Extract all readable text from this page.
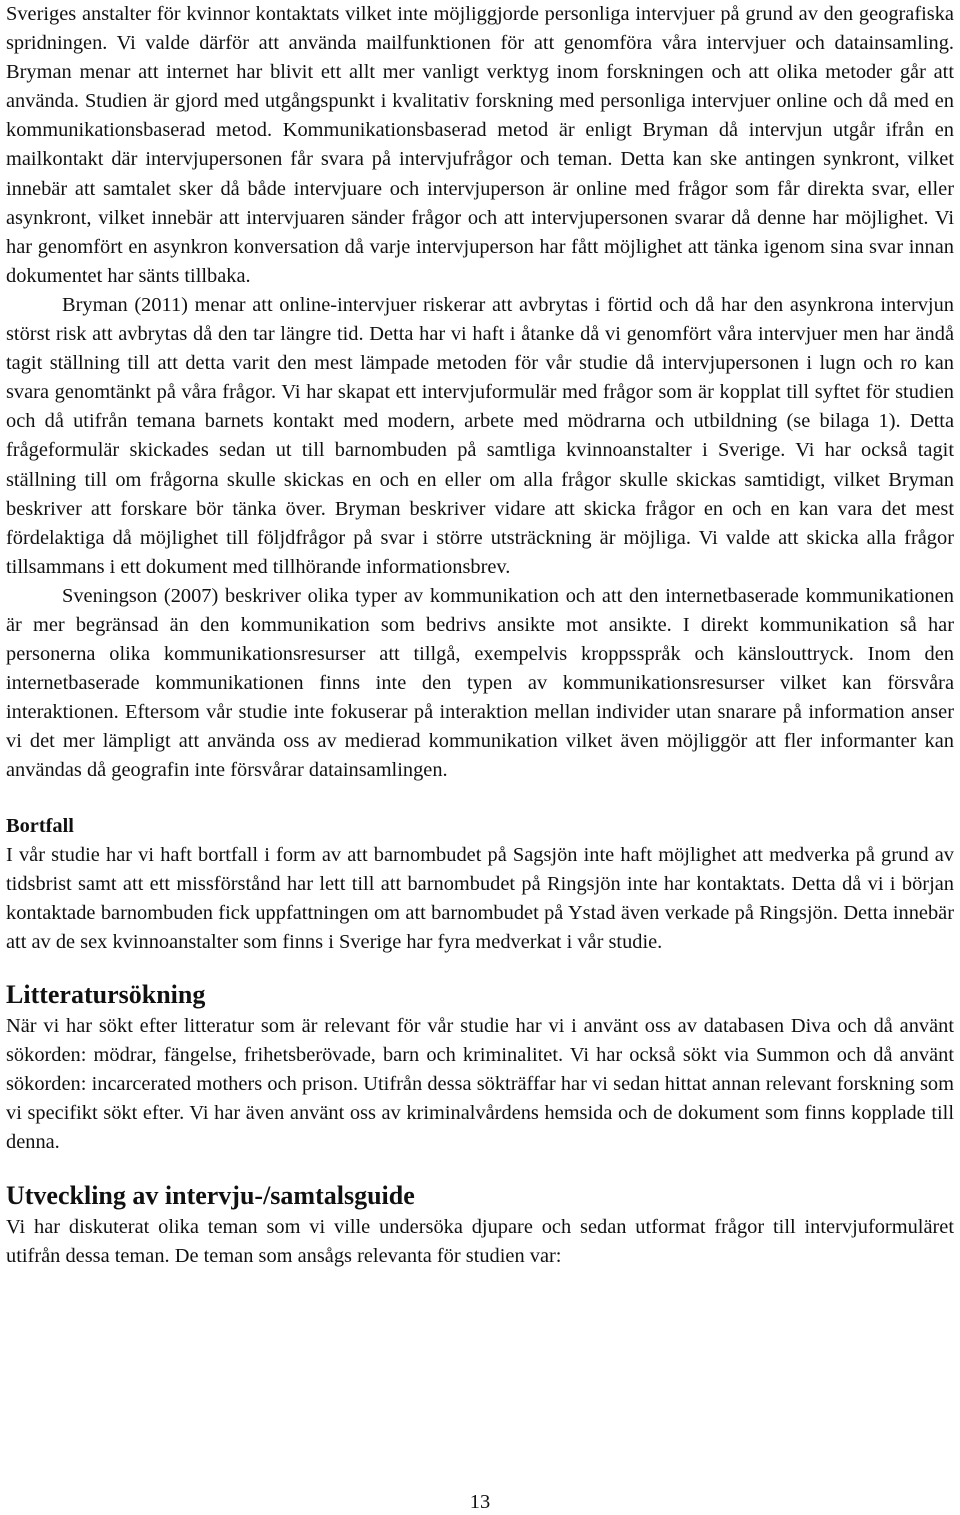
Sveriges anstalter för kvinnor kontaktats vilket inte möjliggjorde personliga intervjuer på grund av den geografiska spridningen. Vi valde därför att använda mailfunktionen för att genomföra våra intervjuer och datainsamling. Bryman menar att internet har blivit ett allt mer vanligt verktyg inom forskningen och att olika metoder går att använda. Studien är gjord med utgångspunkt i kvalitativ forskning med personliga intervjuer online och då med en kommunikationsbaserad metod. Kommunikationsbaserad metod är enligt Bryman då intervjun utgår ifrån en mailkontakt där intervjupersonen får svara på intervjufrågor och teman. Detta kan ske antingen synkront, vilket innebär att samtalet sker då både intervjuare och intervjuperson är online med frågor som får direkta svar, eller asynkront, vilket innebär att intervjuaren sänder frågor och att intervjupersonen svarar då denne har möjlighet. Vi har genomfört en asynkron konversation då varje intervjuperson har fått möjlighet att tänka igenom sina svar innan dokumentet har sänts tillbaka.

Bryman (2011) menar att online-intervjuer riskerar att avbrytas i förtid och då har den asynkrona intervjun störst risk att avbrytas då den tar längre tid. Detta har vi haft i åtanke då vi genomfört våra intervjuer men har ändå tagit ställning till att detta varit den mest lämpade metoden för vår studie då intervjupersonen i lugn och ro kan svara genomtänkt på våra frågor. Vi har skapat ett intervjuformulär med frågor som är kopplat till syftet för studien och då utifrån temana barnets kontakt med modern, arbete med mödrarna och utbildning (se bilaga 1). Detta frågeformulär skickades sedan ut till barnombuden på samtliga kvinnoanstalter i Sverige. Vi har också tagit ställning till om frågorna skulle skickas en och en eller om alla frågor skulle skickas samtidigt, vilket Bryman beskriver att forskare bör tänka över. Bryman beskriver vidare att skicka frågor en och en kan vara det mest fördelaktiga då möjlighet till följdfrågor på svar i större utsträckning är möjliga. Vi valde att skicka alla frågor tillsammans i ett dokument med tillhörande informationsbrev.

Sveningson (2007) beskriver olika typer av kommunikation och att den internetbaserade kommunikationen är mer begränsad än den kommunikation som bedrivs ansikte mot ansikte. I direkt kommunikation så har personerna olika kommunikationsresurser att tillgå, exempelvis kroppsspråk och känslouttryck. Inom den internetbaserade kommunikationen finns inte den typen av kommunikationsresurser vilket kan försvåra interaktionen. Eftersom vår studie inte fokuserar på interaktion mellan individer utan snarare på information anser vi det mer lämpligt att använda oss av medierad kommunikation vilket även möjliggör att fler informanter kan användas då geografin inte försvårar datainsamlingen.

Bortfall

I vår studie har vi haft bortfall i form av att barnombudet på Sagsjön inte haft möjlighet att medverka på grund av tidsbrist samt att ett missförstånd har lett till att barnombudet på Ringsjön inte har kontaktats. Detta då vi i början kontaktade barnombuden fick uppfattningen om att barnombudet på Ystad även verkade på Ringsjön. Detta innebär att av de sex kvinnoanstalter som finns i Sverige har fyra medverkat i vår studie.

Litteratursökning

När vi har sökt efter litteratur som är relevant för vår studie har vi i använt oss av databasen Diva och då använt sökorden: mödrar, fängelse, frihetsberövade, barn och kriminalitet. Vi har också sökt via Summon och då använt sökorden: incarcerated mothers och prison. Utifrån dessa sökträffar har vi sedan hittat annan relevant forskning som vi specifikt sökt efter. Vi har även använt oss av kriminalvårdens hemsida och de dokument som finns kopplade till denna.

Utveckling av intervju-/samtalsguide

Vi har diskuterat olika teman som vi ville undersöka djupare och sedan utformat frågor till intervjuformuläret utifrån dessa teman. De teman som ansågs relevanta för studien var:

13
